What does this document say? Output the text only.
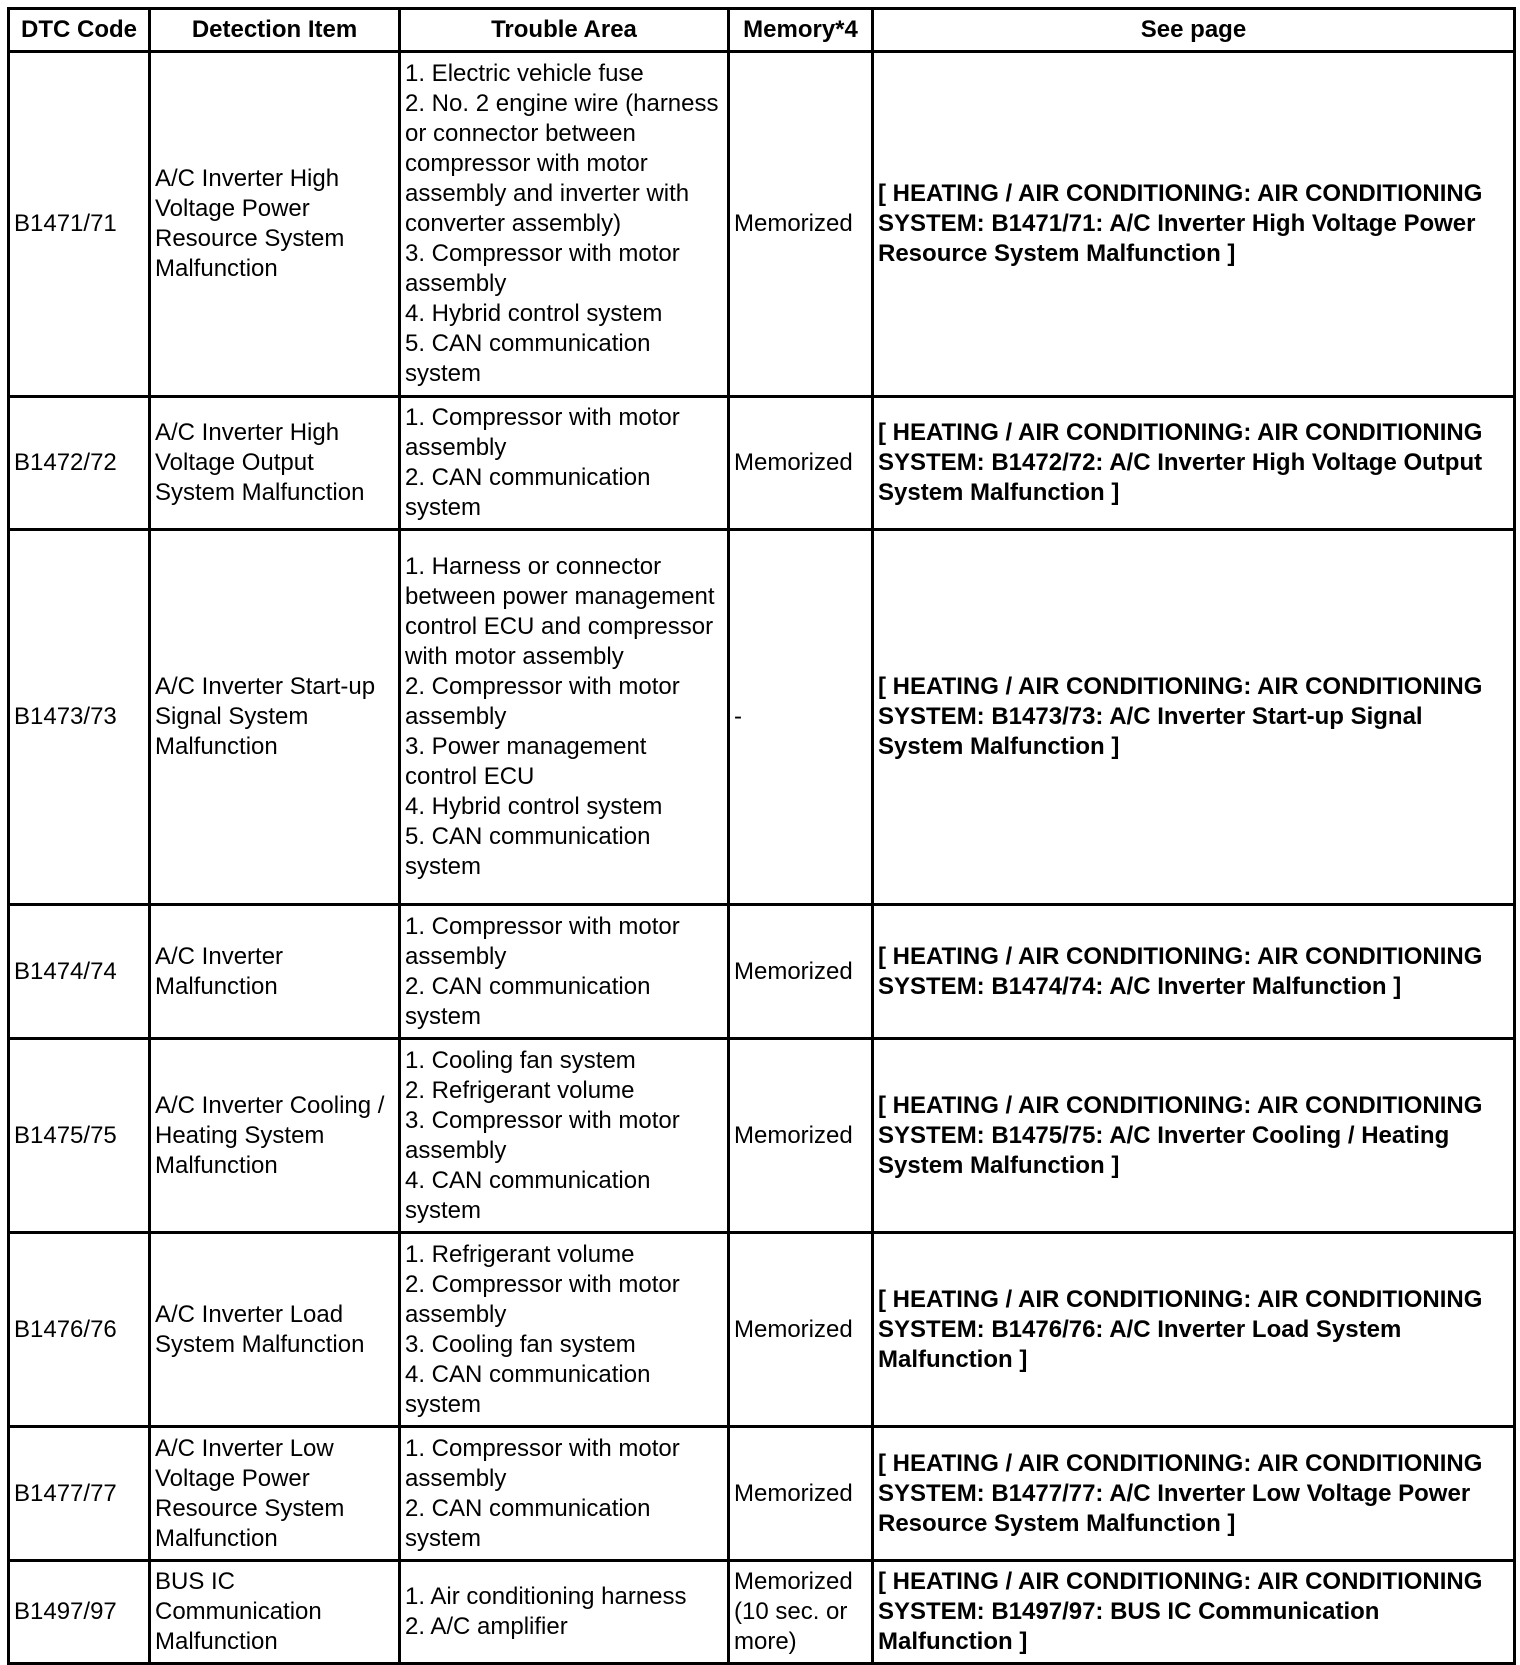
DTC Code	Detection Item	Trouble Area	Memory*4	See page
B1471/71	A/C Inverter High Voltage Power Resource System Malfunction	1. Electric vehicle fuse
2. No. 2 engine wire (harness or connector between compressor with motor assembly and inverter with converter assembly)
3. Compressor with motor assembly
4. Hybrid control system
5. CAN communication system	Memorized	[ HEATING / AIR CONDITIONING: AIR CONDITIONING SYSTEM: B1471/71: A/C Inverter High Voltage Power Resource System Malfunction ]
B1472/72	A/C Inverter High Voltage Output System Malfunction	1. Compressor with motor assembly
2. CAN communication system	Memorized	[ HEATING / AIR CONDITIONING: AIR CONDITIONING SYSTEM: B1472/72: A/C Inverter High Voltage Output System Malfunction ]
B1473/73	A/C Inverter Start-up Signal System Malfunction	1. Harness or connector between power management control ECU and compressor with motor assembly
2. Compressor with motor assembly
3. Power management control ECU
4. Hybrid control system
5. CAN communication system	-	[ HEATING / AIR CONDITIONING: AIR CONDITIONING SYSTEM: B1473/73: A/C Inverter Start-up Signal System Malfunction ]
B1474/74	A/C Inverter Malfunction	1. Compressor with motor assembly
2. CAN communication system	Memorized	[ HEATING / AIR CONDITIONING: AIR CONDITIONING SYSTEM: B1474/74: A/C Inverter Malfunction ]
B1475/75	A/C Inverter Cooling / Heating System Malfunction	1. Cooling fan system
2. Refrigerant volume
3. Compressor with motor assembly
4. CAN communication system	Memorized	[ HEATING / AIR CONDITIONING: AIR CONDITIONING SYSTEM: B1475/75: A/C Inverter Cooling / Heating System Malfunction ]
B1476/76	A/C Inverter Load System Malfunction	1. Refrigerant volume
2. Compressor with motor assembly
3. Cooling fan system
4. CAN communication system	Memorized	[ HEATING / AIR CONDITIONING: AIR CONDITIONING SYSTEM: B1476/76: A/C Inverter Load System Malfunction ]
B1477/77	A/C Inverter Low Voltage Power Resource System Malfunction	1. Compressor with motor assembly
2. CAN communication system	Memorized	[ HEATING / AIR CONDITIONING: AIR CONDITIONING SYSTEM: B1477/77: A/C Inverter Low Voltage Power Resource System Malfunction ]
B1497/97	BUS IC Communication Malfunction	1. Air conditioning harness
2. A/C amplifier	Memorized (10 sec. or more)	[ HEATING / AIR CONDITIONING: AIR CONDITIONING SYSTEM: B1497/97: BUS IC Communication Malfunction ]
